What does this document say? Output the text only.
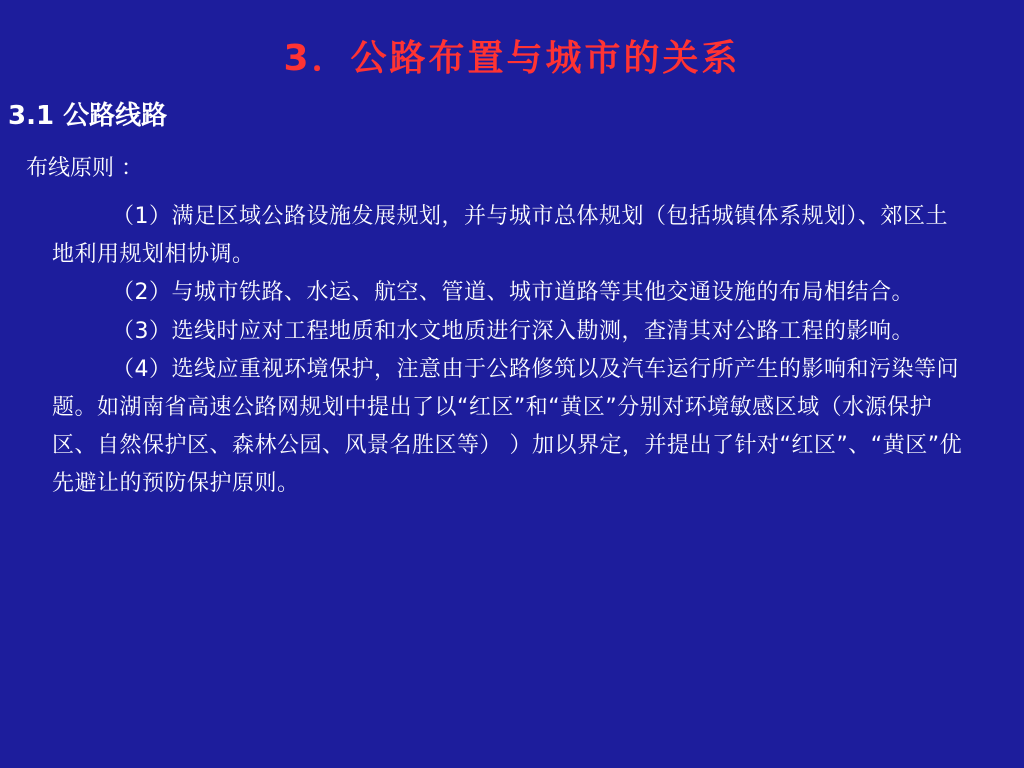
3．公路布置与城市的关系
3.1 公路线路
布线原则 ：

（1）满足区域公路设施发展规划，并与城市总体规划（包括城镇体系规划）、郊区土地利用规划相协调。

（2）与城市铁路、水运、航空、管道、城市道路等其他交通设施的布局相结合。

（3）选线时应对工程地质和水文地质进行深入勘测，查清其对公路工程的影响。

（4）选线应重视环境保护，注意由于公路修筑以及汽车运行所产生的影响和污染等问题。如湖南省高速公路网规划中提出了以“红区”和“黄区”分别对环境敏感区域（水源保护区、自然保护区、森林公园、风景名胜区等） ）加以界定，并提出了针对“红区”、“黄区”优先避让的预防保护原则。
